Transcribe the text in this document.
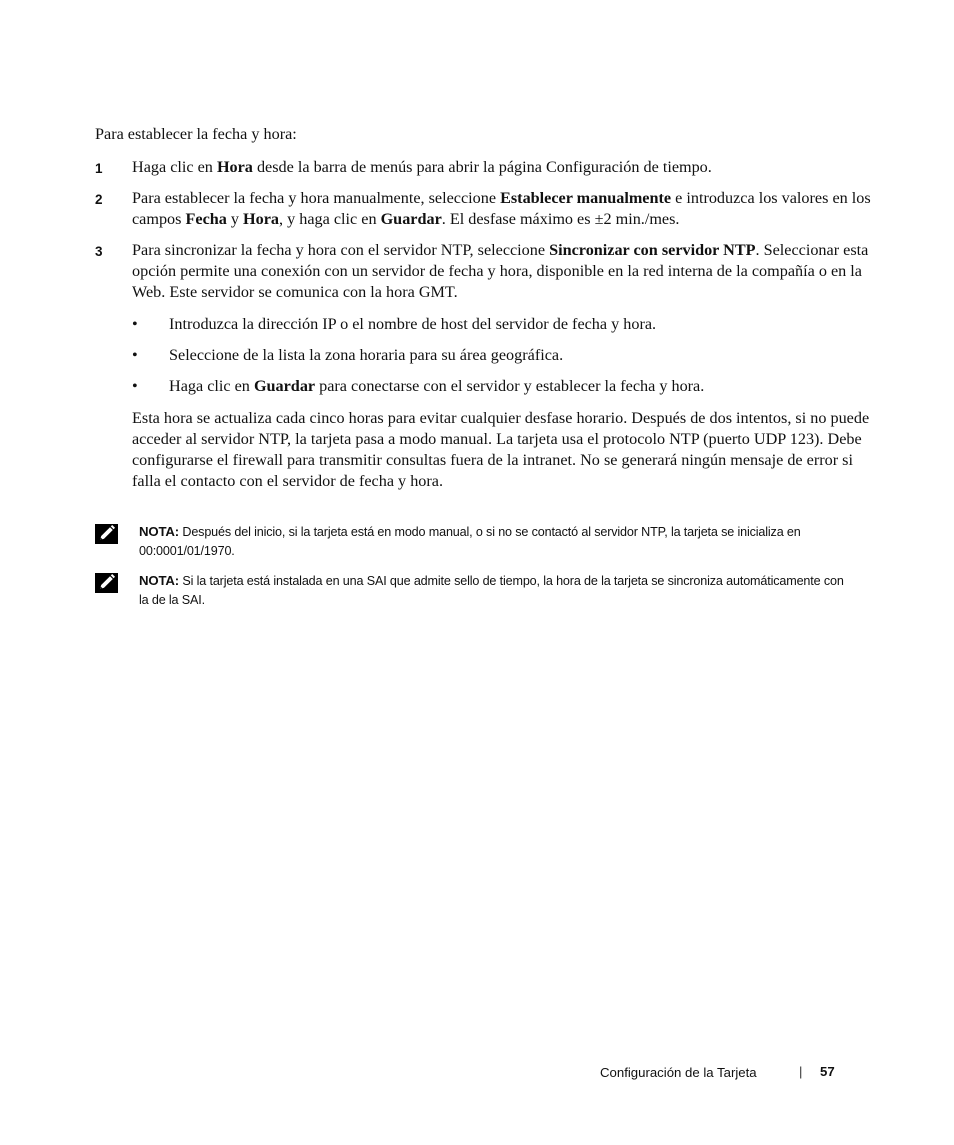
Para establecer la fecha y hora:
1 Haga clic en Hora desde la barra de menús para abrir la página Configuración de tiempo.
2 Para establecer la fecha y hora manualmente, seleccione Establecer manualmente e introduzca los valores en los campos Fecha y Hora, y haga clic en Guardar. El desfase máximo es ±2 min./mes.
3 Para sincronizar la fecha y hora con el servidor NTP, seleccione Sincronizar con servidor NTP. Seleccionar esta opción permite una conexión con un servidor de fecha y hora, disponible en la red interna de la compañía o en la Web. Este servidor se comunica con la hora GMT.
• Introduzca la dirección IP o el nombre de host del servidor de fecha y hora.
• Seleccione de la lista la zona horaria para su área geográfica.
• Haga clic en Guardar para conectarse con el servidor y establecer la fecha y hora.
Esta hora se actualiza cada cinco horas para evitar cualquier desfase horario. Después de dos intentos, si no puede acceder al servidor NTP, la tarjeta pasa a modo manual. La tarjeta usa el protocolo NTP (puerto UDP 123). Debe configurarse el firewall para transmitir consultas fuera de la intranet. No se generará ningún mensaje de error si falla el contacto con el servidor de fecha y hora.
NOTA: Después del inicio, si la tarjeta está en modo manual, o si no se contactó al servidor NTP, la tarjeta se inicializa en 00:0001/01/1970.
NOTA: Si la tarjeta está instalada en una SAI que admite sello de tiempo, la hora de la tarjeta se sincroniza automáticamente con la de la SAI.
Configuración de la Tarjeta	| 57
